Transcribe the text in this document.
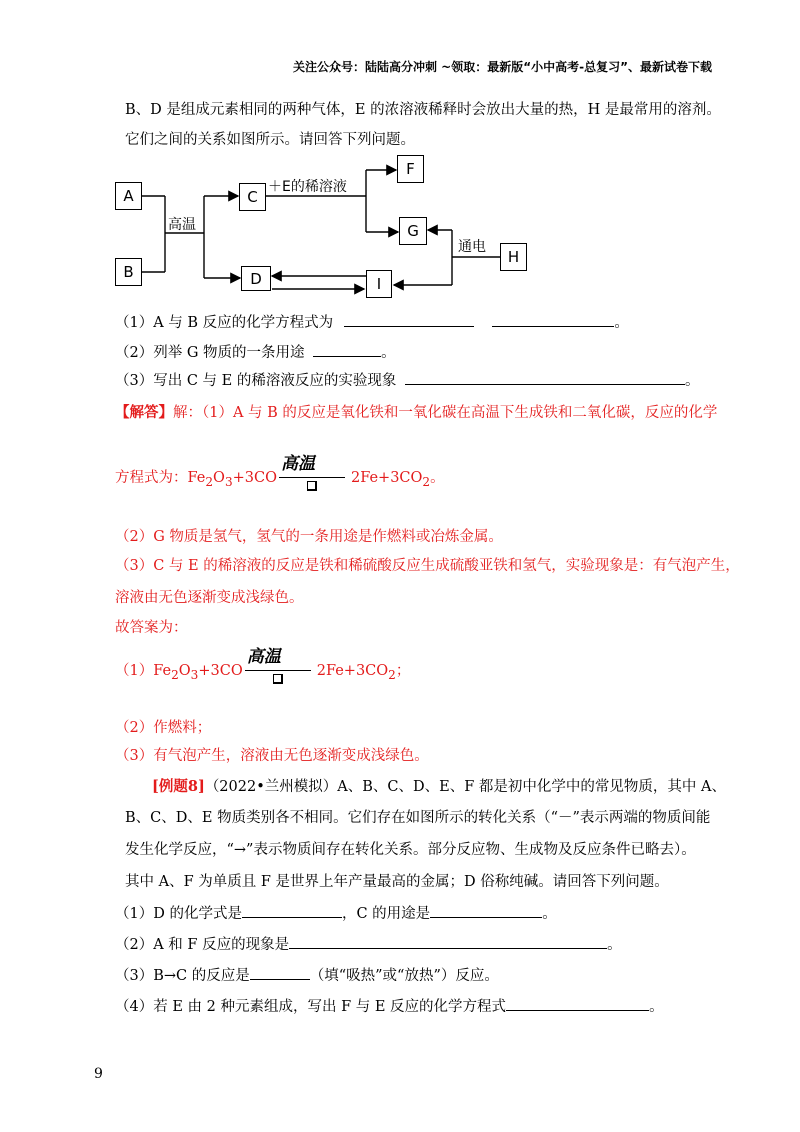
关注公众号：陆陆高分冲刺 ~领取：最新版“小中高考-总复习”、最新试卷下载
B、D 是组成元素相同的两种气体，E 的浓溶液稀释时会放出大量的热，H 是最常用的溶剂。
它们之间的关系如图所示。请回答下列问题。
A
B
C
D
F
G
H
I
高温
＋E的稀溶液
通电
（1）A 与 B 反应的化学方程式为	。
（2）列举 G 物质的一条用途	。
（3）写出 C 与 E 的稀溶液反应的实验现象	。
【解答】解：（1）A 与 B 的反应是氧化铁和一氧化碳在高温下生成铁和二氧化碳，反应的化学
方程式为：$Fe_2O_3+3CO$
高温
$2Fe+3CO_2$。
（2）G 物质是氢气，氢气的一条用途是作燃料或冶炼金属。
（3）C 与 E 的稀溶液的反应是铁和稀硫酸反应生成硫酸亚铁和氢气，实验现象是：有气泡产生，
溶液由无色逐渐变成浅绿色。
故答案为：
$(1)Fe_2O_3+3CO$
高温
$2Fe+3CO_2$；
（2）作燃料；
（3）有气泡产生，溶液由无色逐渐变成浅绿色。
[例题8]（2022•兰州模拟）A、B、C、D、E、F 都是初中化学中的常见物质，其中 A、
B、C、D、E 物质类别各不相同。它们存在如图所示的转化关系（“－”表示两端的物质间能
发生化学反应，“→”表示物质间存在转化关系。部分反应物、生成物及反应条件已略去）。
其中 A、F 为单质且 F 是世界上年产量最高的金属；D 俗称纯碱。请回答下列问题。
（1）D 的化学式是	，C 的用途是	。
（2）A 和 F 反应的现象是	。
（3）B→C 的反应是	（填“吸热”或“放热”）反应。
（4）若 E 由 2 种元素组成，写出 F 与 E 反应的化学方程式	。
9
